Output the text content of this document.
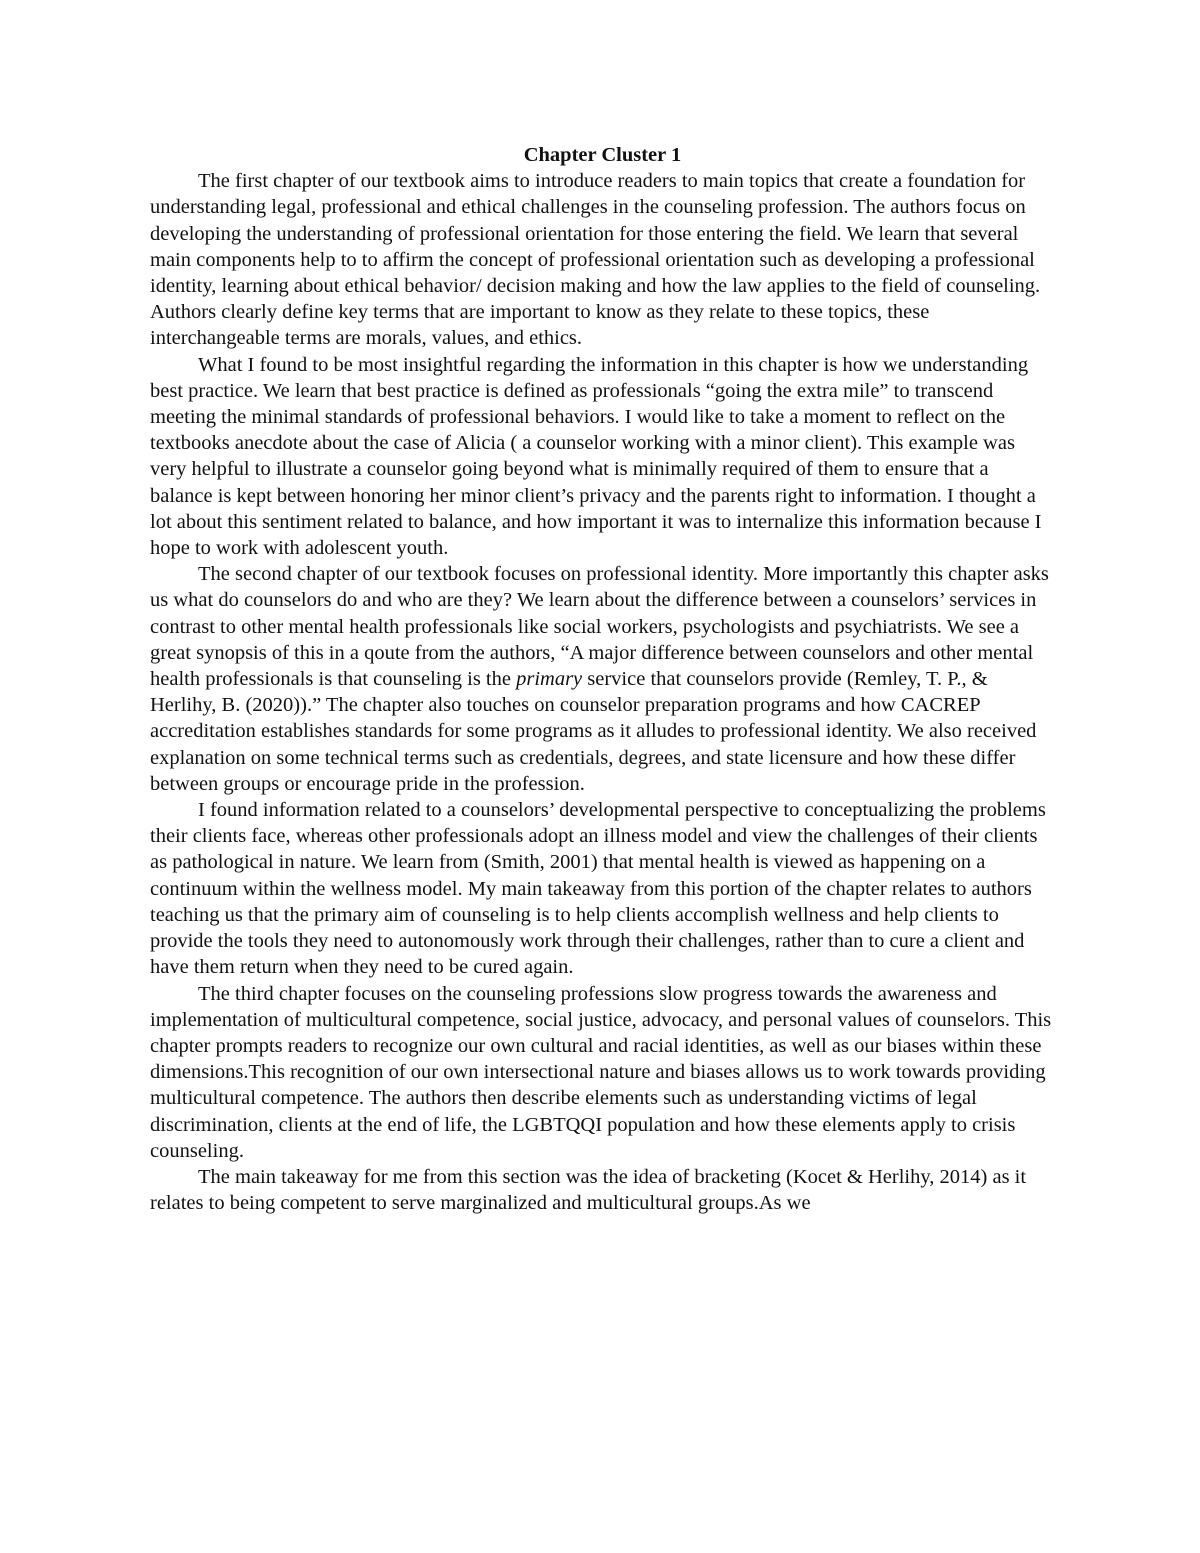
Chapter Cluster 1

The first chapter of our textbook aims to introduce readers to main topics that create a foundation for understanding legal, professional and ethical challenges in the counseling profession. The authors focus on developing the understanding of professional orientation for those entering the field. We learn that several main components help to to affirm the concept of professional orientation such as developing a professional identity, learning about ethical behavior/ decision making and how the law applies to the field of counseling. Authors clearly define key terms that are important to know as they relate to these topics, these interchangeable terms are morals, values, and ethics.

What I found to be most insightful regarding the information in this chapter is how we understanding best practice. We learn that best practice is defined as professionals “going the extra mile” to transcend meeting the minimal standards of professional behaviors. I would like to take a moment to reflect on the textbooks anecdote about the case of Alicia ( a counselor working with a minor client). This example was very helpful to illustrate a counselor going beyond what is minimally required of them to ensure that a balance is kept between honoring her minor client’s privacy and the parents right to information. I thought a lot about this sentiment related to balance, and how important it was to internalize this information because I hope to work with adolescent youth.

The second chapter of our textbook focuses on professional identity. More importantly this chapter asks us what do counselors do and who are they? We learn about the difference between a counselors’ services in contrast to other mental health professionals like social workers, psychologists and psychiatrists. We see a great synopsis of this in a qoute from the authors, “A major difference between counselors and other mental health professionals is that counseling is the primary service that counselors provide (Remley, T. P., & Herlihy, B. (2020)).” The chapter also touches on counselor preparation programs and how CACREP accreditation establishes standards for some programs as it alludes to professional identity. We also received explanation on some technical terms such as credentials, degrees, and state licensure and how these differ between groups or encourage pride in the profession.

I found information related to a counselors’ developmental perspective to conceptualizing the problems their clients face, whereas other professionals adopt an illness model and view the challenges of their clients as pathological in nature. We learn from (Smith, 2001) that mental health is viewed as happening on a continuum within the wellness model. My main takeaway from this portion of the chapter relates to authors teaching us that the primary aim of counseling is to help clients accomplish wellness and help clients to provide the tools they need to autonomously work through their challenges, rather than to cure a client and have them return when they need to be cured again.

The third chapter focuses on the counseling professions slow progress towards the awareness and implementation of multicultural competence, social justice, advocacy, and personal values of counselors. This chapter prompts readers to recognize our own cultural and racial identities, as well as our biases within these dimensions.This recognition of our own intersectional nature and biases allows us to work towards providing multicultural competence. The authors then describe elements such as understanding victims of legal discrimination, clients at the end of life, the LGBTQQI population and how these elements apply to crisis counseling.

The main takeaway for me from this section was the idea of bracketing (Kocet & Herlihy, 2014) as it relates to being competent to serve marginalized and multicultural groups.As we
